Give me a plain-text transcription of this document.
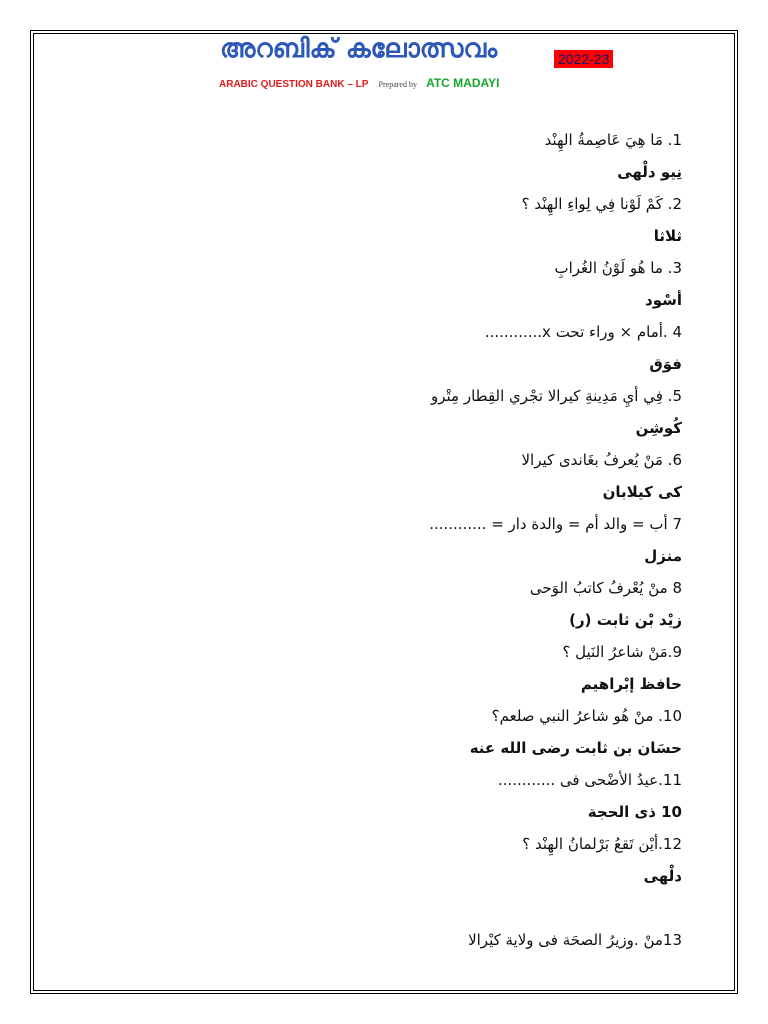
അറബിക് കലോത്സവം	2022-23
ARABIC QUESTION BANK – LP Prepared by ATC MADAYI
1. مَا هِيَ عَاصِمةُ الهِنْد
نِيو دلْهى
2. كَمْ لَوْنا فِي لِواءِ الهِنْد ؟
ثلاثا
3. ما هُو لَوْنُ الغُرابِ
أسْود
4 .أمام × وراء تحت x............
فوَق
5. فِي أيِ مَدِينةِ كيرالا تجْري القِطار مِتْرو
كُوشِن
6. مَنْ يُعرفُ بغَاندى كيرالا
كى كيلابان
7 أب = والد أم = والدة دار = ............
منزل
8 منْ يُعْرفُ كاتبُ الوَحى
زيْد بْن ثابت (ر)
9.مَنْ شاعرُ النَيل ؟
حافظ إبْراهيم
10. منْ هُو شاعرُ النبي صلعم؟
حسَان بن ثابت رضى الله عنه
11.عيدُ الأضْحى فى ............
10 ذى الحجة
12.أيْن تَقعُ بَرْلمانُ الهِنْد ؟
دلْهى
13منْ .وزيرُ الصحَة فى ولاية كيْرالا
